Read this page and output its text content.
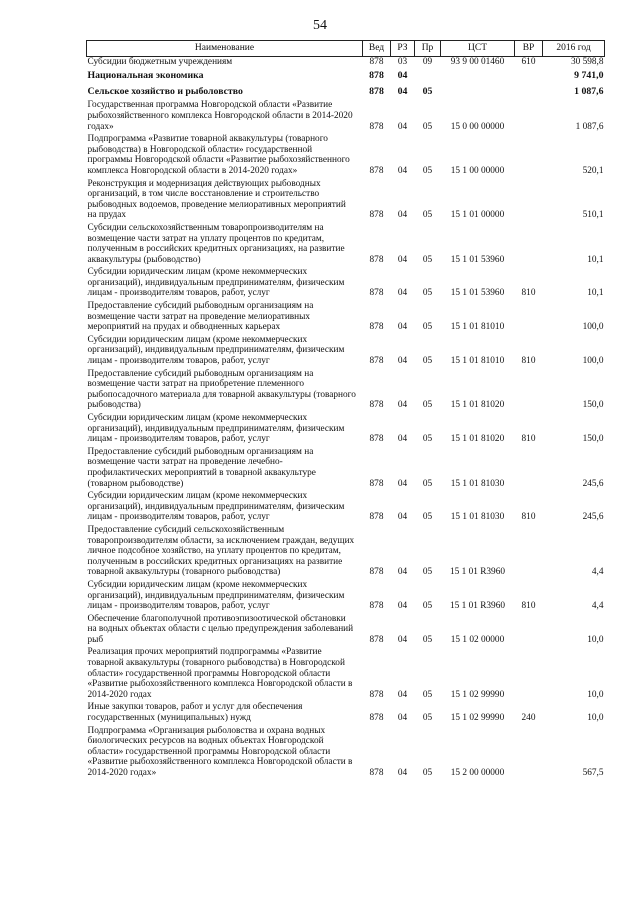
54
Наименование	Вед	РЗ	Пр	ЦСТ	ВР	2016 год
Субсидии бюджетным учреждениям	878	03	09	93 9 00 01460	610	30 598,8
Национальная экономика	878	04				9 741,0
Сельское хозяйство и рыболовство	878	04	05			1 087,6
Государственная программа Новгородской области «Развитие рыбохозяйственного комплекса Новгородской области в 2014-2020 годах»	878	04	05	15 0 00 00000		1 087,6
Подпрограмма «Развитие товарной аквакультуры (товарного рыбоводства) в Новгородской области» государственной программы Новгородской области «Развитие рыбохозяйственного комплекса Новгородской области в 2014-2020 годах»	878	04	05	15 1 00 00000		520,1
Реконструкция и модернизация действующих рыбоводных организаций, в том числе восстановление и строительство рыбоводных водоемов, проведение мелиоративных мероприятий на прудах	878	04	05	15 1 01 00000		510,1
Субсидии сельскохозяйственным товаропроизводителям на возмещение части затрат на уплату процентов по кредитам, полученным в российских кредитных организациях, на развитие аквакультуры (рыбоводство)	878	04	05	15 1 01 53960		10,1
Субсидии юридическим лицам (кроме некоммерческих организаций), индивидуальным предпринимателям, физическим лицам - производителям товаров, работ, услуг	878	04	05	15 1 01 53960	810	10,1
Предоставление субсидий рыбоводным организациям на возмещение части затрат на проведение мелиоративных мероприятий на прудах и обводненных карьерах	878	04	05	15 1 01 81010		100,0
Субсидии юридическим лицам (кроме некоммерческих организаций), индивидуальным предпринимателям, физическим лицам - производителям товаров, работ, услуг	878	04	05	15 1 01 81010	810	100,0
Предоставление субсидий рыбоводным организациям на возмещение части затрат на приобретение племенного рыбопосадочного материала для товарной аквакультуры (товарного рыбоводства)	878	04	05	15 1 01 81020		150,0
Субсидии юридическим лицам (кроме некоммерческих организаций), индивидуальным предпринимателям, физическим лицам - производителям товаров, работ, услуг	878	04	05	15 1 01 81020	810	150,0
Предоставление субсидий рыбоводным организациям на возмещение части затрат на проведение лечебно-профилактических мероприятий в товарной аквакультуре (товарном рыбоводстве)	878	04	05	15 1 01 81030		245,6
Субсидии юридическим лицам (кроме некоммерческих организаций), индивидуальным предпринимателям, физическим лицам - производителям товаров, работ, услуг	878	04	05	15 1 01 81030	810	245,6
Предоставление субсидий сельскохозяйственным товаропроизводителям области, за исключением граждан, ведущих личное подсобное хозяйство, на уплату процентов по кредитам, полученным в российских кредитных организациях на развитие товарной аквакультуры (товарного рыбоводства)	878	04	05	15 1 01 R3960		4,4
Субсидии юридическим лицам (кроме некоммерческих организаций), индивидуальным предпринимателям, физическим лицам - производителям товаров, работ, услуг	878	04	05	15 1 01 R3960	810	4,4
Обеспечение благополучной противоэпизоотической обстановки на водных объектах области с целью предупреждения заболеваний рыб	878	04	05	15 1 02 00000		10,0
Реализация прочих мероприятий подпрограммы «Развитие товарной аквакультуры (товарного рыбоводства) в Новгородской области» государственной программы Новгородской области «Развитие рыбохозяйственного комплекса Новгородской области в 2014-2020 годах	878	04	05	15 1 02 99990		10,0
Иные закупки товаров, работ и услуг для обеспечения государственных (муниципальных) нужд	878	04	05	15 1 02 99990	240	10,0
Подпрограмма «Организация рыболовства и охрана водных биологических ресурсов на водных объектах Новгородской области» государственной программы Новгородской области «Развитие рыбохозяйственного комплекса Новгородской области в 2014-2020 годах»	878	04	05	15 2 00 00000		567,5
